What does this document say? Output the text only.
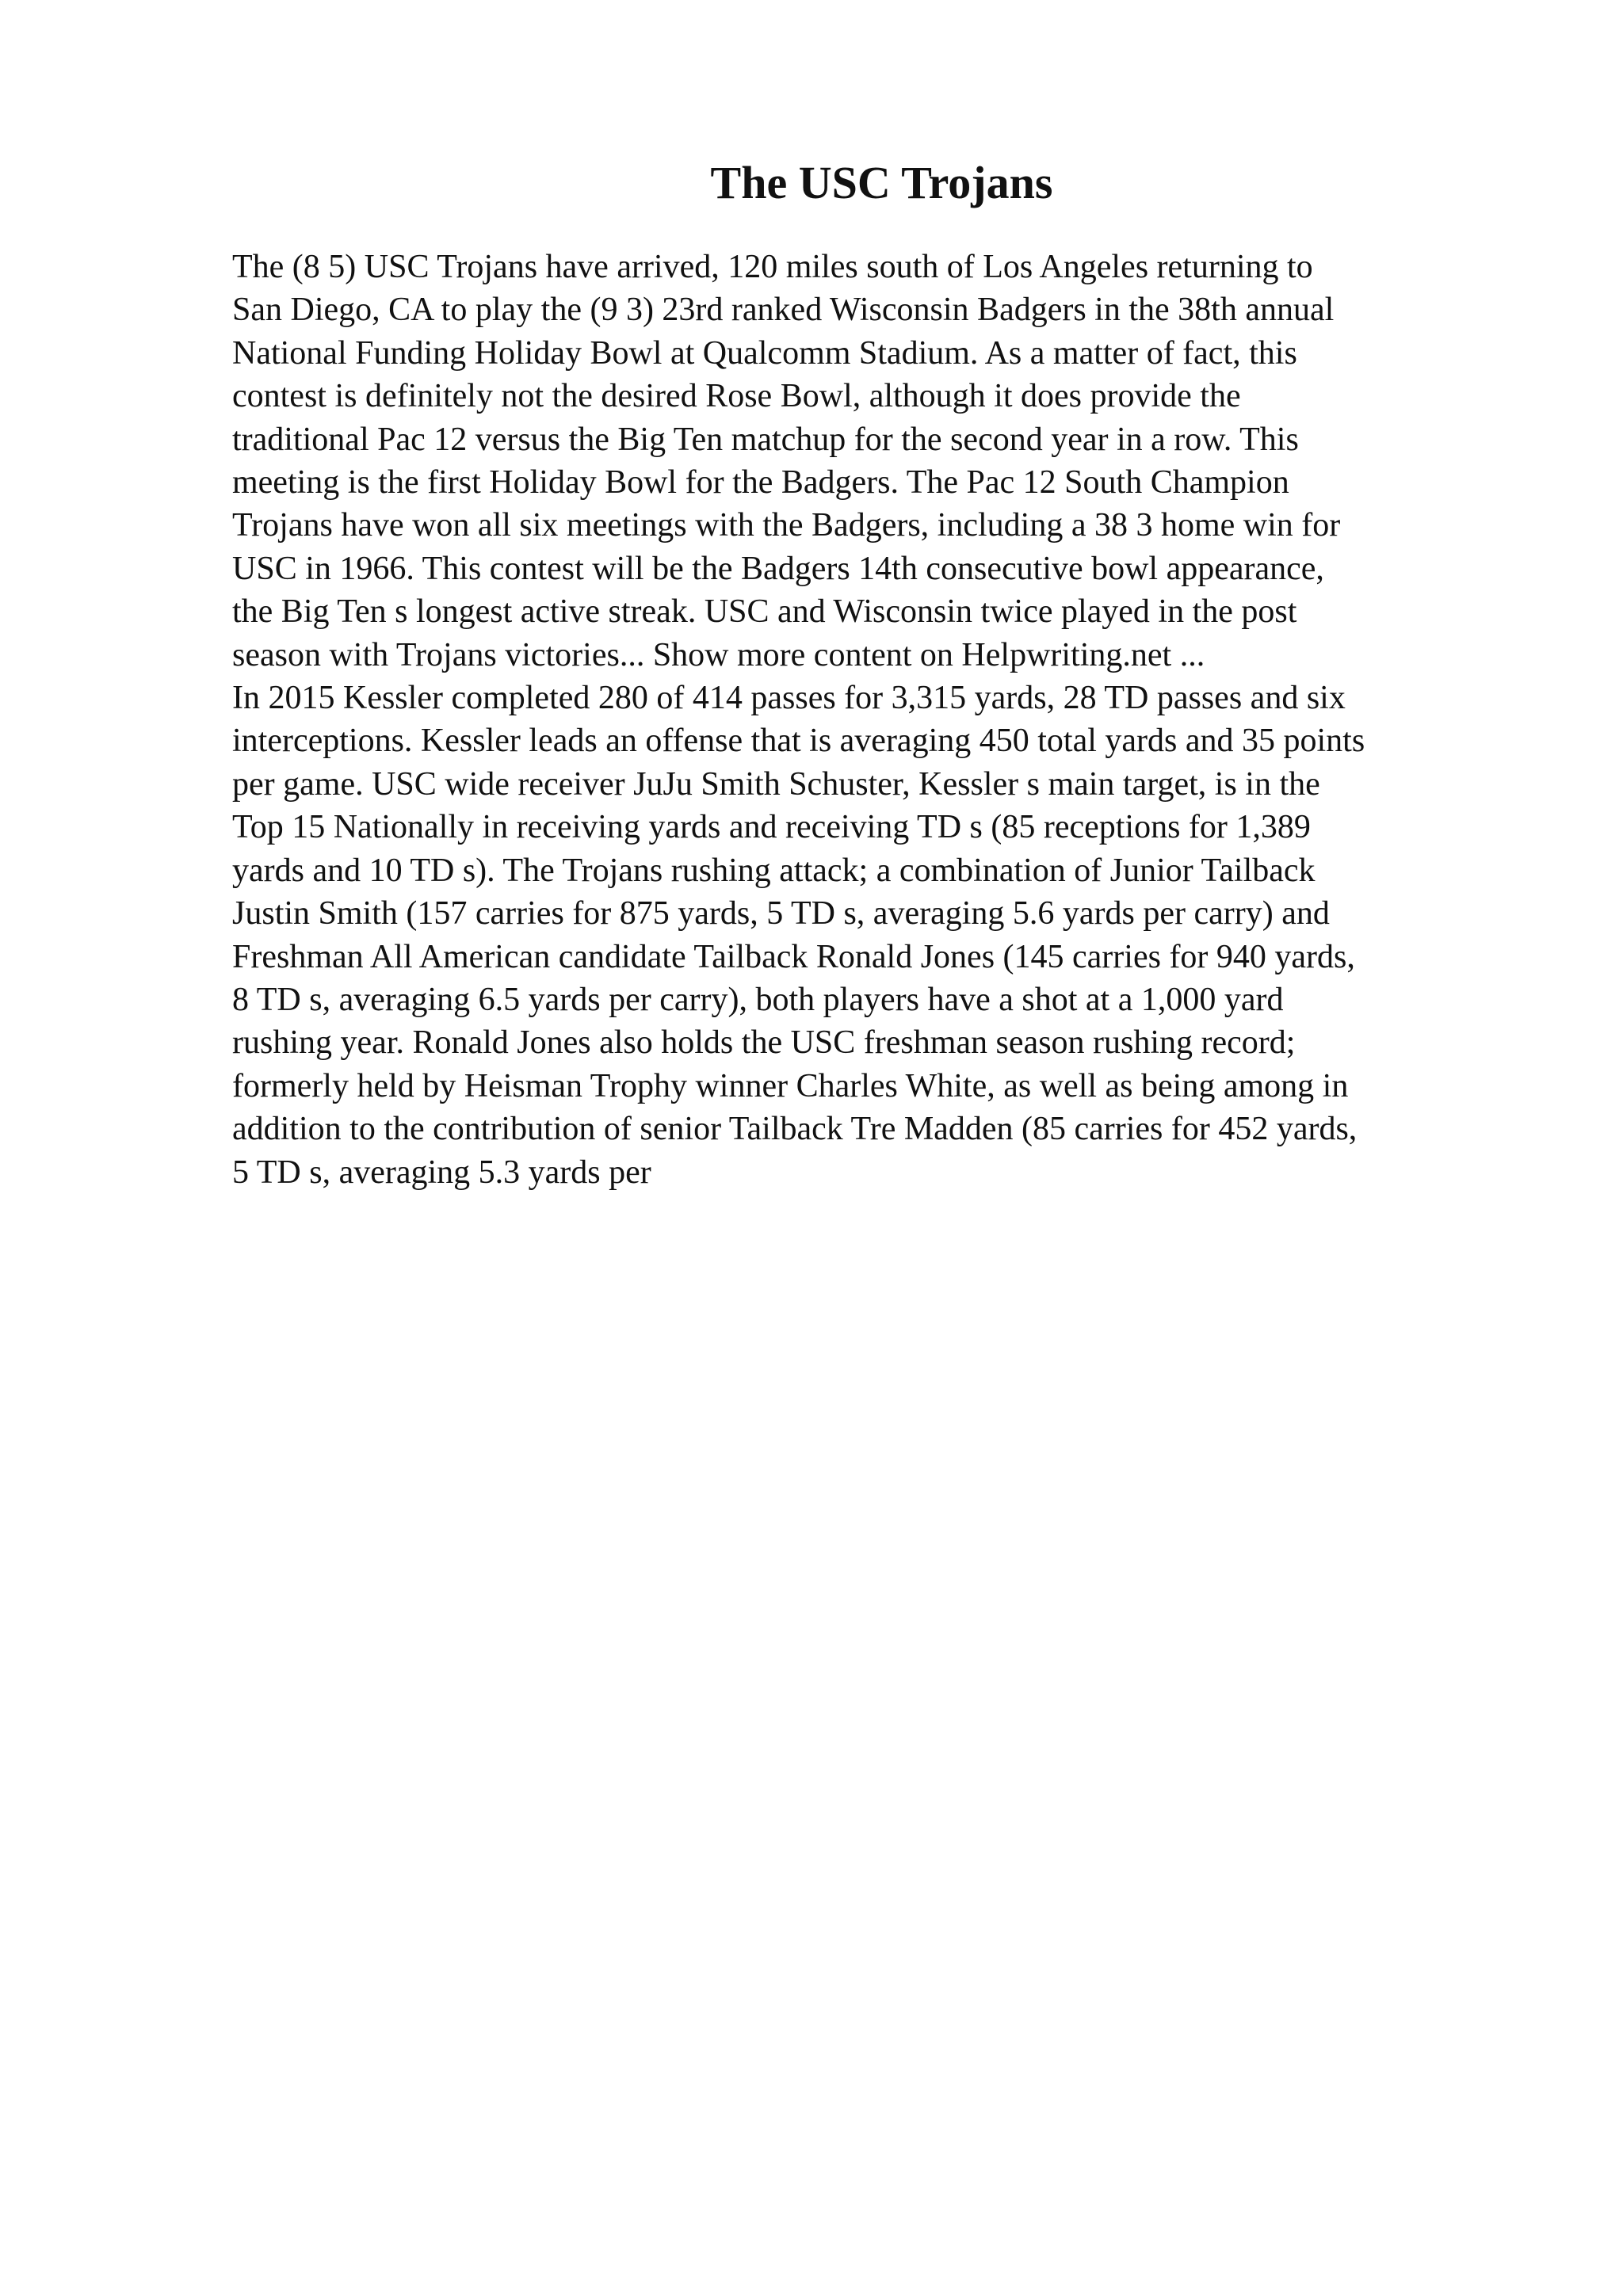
The USC Trojans

The (8 5) USC Trojans have arrived, 120 miles south of Los Angeles returning to
San Diego, CA to play the (9 3) 23rd ranked Wisconsin Badgers in the 38th annual
National Funding Holiday Bowl at Qualcomm Stadium. As a matter of fact, this
contest is definitely not the desired Rose Bowl, although it does provide the
traditional Pac 12 versus the Big Ten matchup for the second year in a row. This
meeting is the first Holiday Bowl for the Badgers. The Pac 12 South Champion
Trojans have won all six meetings with the Badgers, including a 38 3 home win for
USC in 1966. This contest will be the Badgers 14th consecutive bowl appearance,
the Big Ten s longest active streak. USC and Wisconsin twice played in the post
season with Trojans victories... Show more content on Helpwriting.net ...

In 2015 Kessler completed 280 of 414 passes for 3,315 yards, 28 TD passes and six
interceptions. Kessler leads an offense that is averaging 450 total yards and 35 points
per game. USC wide receiver JuJu Smith Schuster, Kessler s main target, is in the
Top 15 Nationally in receiving yards and receiving TD s (85 receptions for 1,389
yards and 10 TD s). The Trojans rushing attack; a combination of Junior Tailback
Justin Smith (157 carries for 875 yards, 5 TD s, averaging 5.6 yards per carry) and
Freshman All American candidate Tailback Ronald Jones (145 carries for 940 yards,
8 TD s, averaging 6.5 yards per carry), both players have a shot at a 1,000 yard
rushing year. Ronald Jones also holds the USC freshman season rushing record;
formerly held by Heisman Trophy winner Charles White, as well as being among in
addition to the contribution of senior Tailback Tre Madden (85 carries for 452 yards,
5 TD s, averaging 5.3 yards per
